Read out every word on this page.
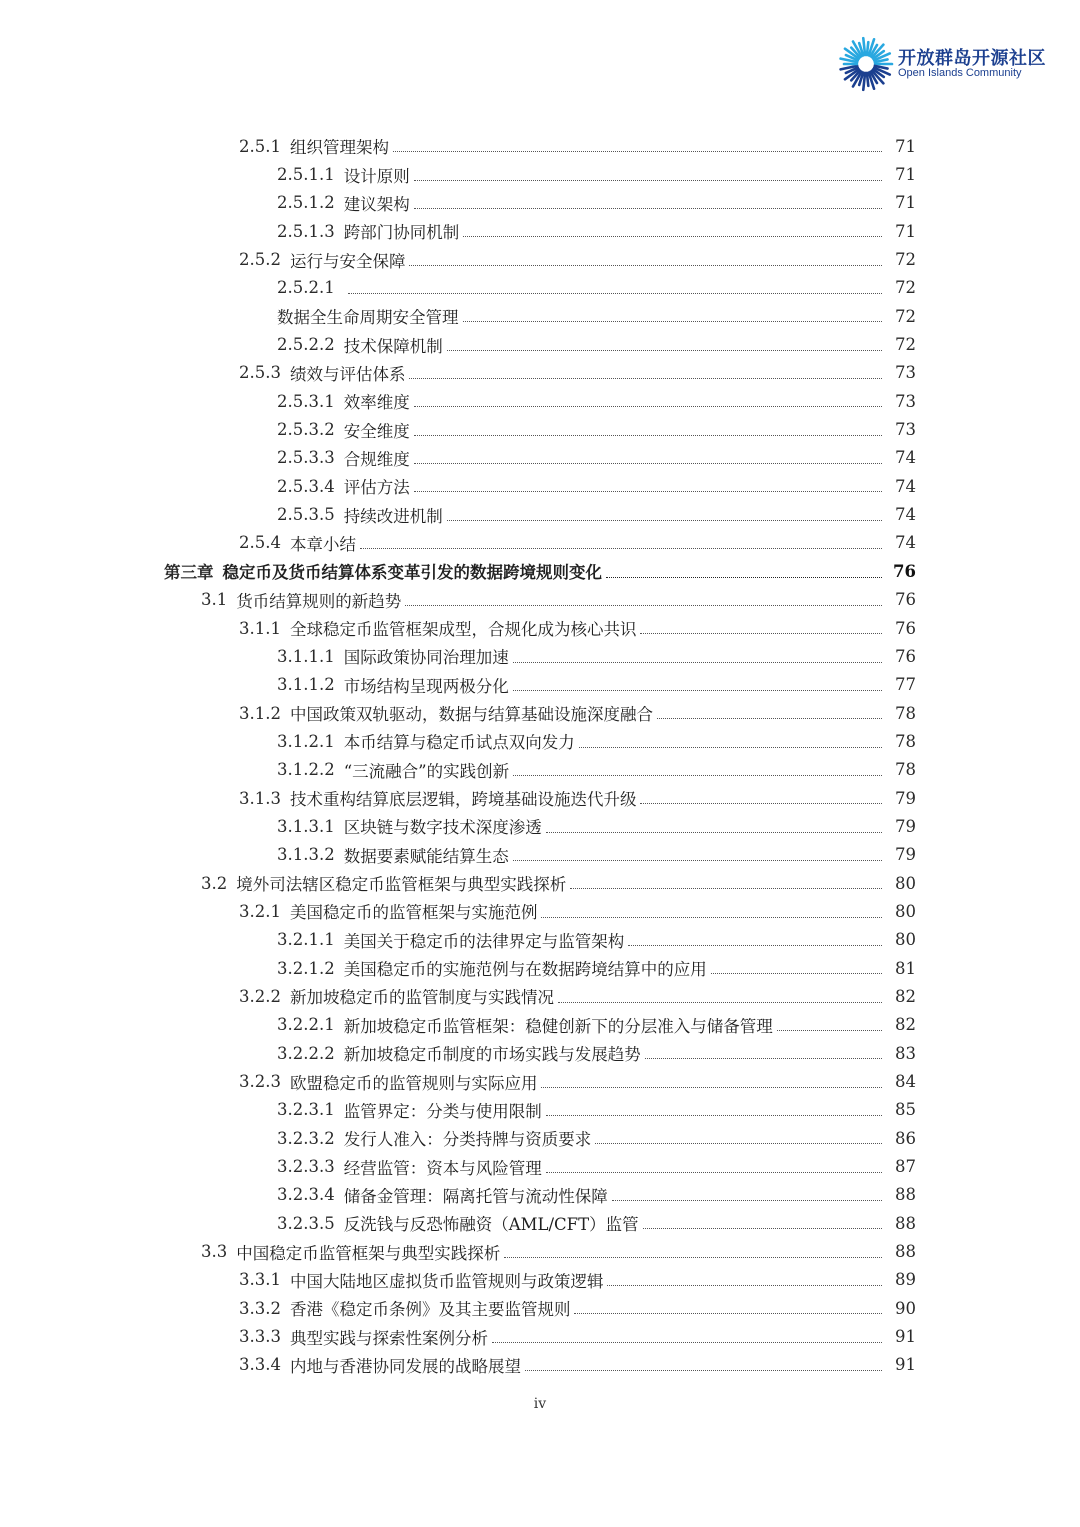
开放群岛开源社区
Open Islands Community
2.5.1 组织管理架构	71
2.5.1.1 设计原则	71
2.5.1.2 建议架构	71
2.5.1.3 跨部门协同机制	71
2.5.2 运行与安全保障	72
2.5.2.1	72
数据全生命周期安全管理	72
2.5.2.2 技术保障机制	72
2.5.3 绩效与评估体系	73
2.5.3.1 效率维度	73
2.5.3.2 安全维度	73
2.5.3.3 合规维度	74
2.5.3.4 评估方法	74
2.5.3.5 持续改进机制	74
2.5.4 本章小结	74
第三章 稳定币及货币结算体系变革引发的数据跨境规则变化	76
3.1 货币结算规则的新趋势	76
3.1.1 全球稳定币监管框架成型，合规化成为核心共识	76
3.1.1.1 国际政策协同治理加速	76
3.1.1.2 市场结构呈现两极分化	77
3.1.2 中国政策双轨驱动，数据与结算基础设施深度融合	78
3.1.2.1 本币结算与稳定币试点双向发力	78
3.1.2.2 “三流融合”的实践创新	78
3.1.3 技术重构结算底层逻辑，跨境基础设施迭代升级	79
3.1.3.1 区块链与数字技术深度渗透	79
3.1.3.2 数据要素赋能结算生态	79
3.2 境外司法辖区稳定币监管框架与典型实践探析	80
3.2.1 美国稳定币的监管框架与实施范例	80
3.2.1.1 美国关于稳定币的法律界定与监管架构	80
3.2.1.2 美国稳定币的实施范例与在数据跨境结算中的应用	81
3.2.2 新加坡稳定币的监管制度与实践情况	82
3.2.2.1 新加坡稳定币监管框架：稳健创新下的分层准入与储备管理	82
3.2.2.2 新加坡稳定币制度的市场实践与发展趋势	83
3.2.3 欧盟稳定币的监管规则与实际应用	84
3.2.3.1 监管界定：分类与使用限制	85
3.2.3.2 发行人准入：分类持牌与资质要求	86
3.2.3.3 经营监管：资本与风险管理	87
3.2.3.4 储备金管理：隔离托管与流动性保障	88
3.2.3.5 反洗钱与反恐怖融资（AML/CFT）监管	88
3.3 中国稳定币监管框架与典型实践探析	88
3.3.1 中国大陆地区虚拟货币监管规则与政策逻辑	89
3.3.2 香港《稳定币条例》及其主要监管规则	90
3.3.3 典型实践与探索性案例分析	91
3.3.4 内地与香港协同发展的战略展望	91
iv
